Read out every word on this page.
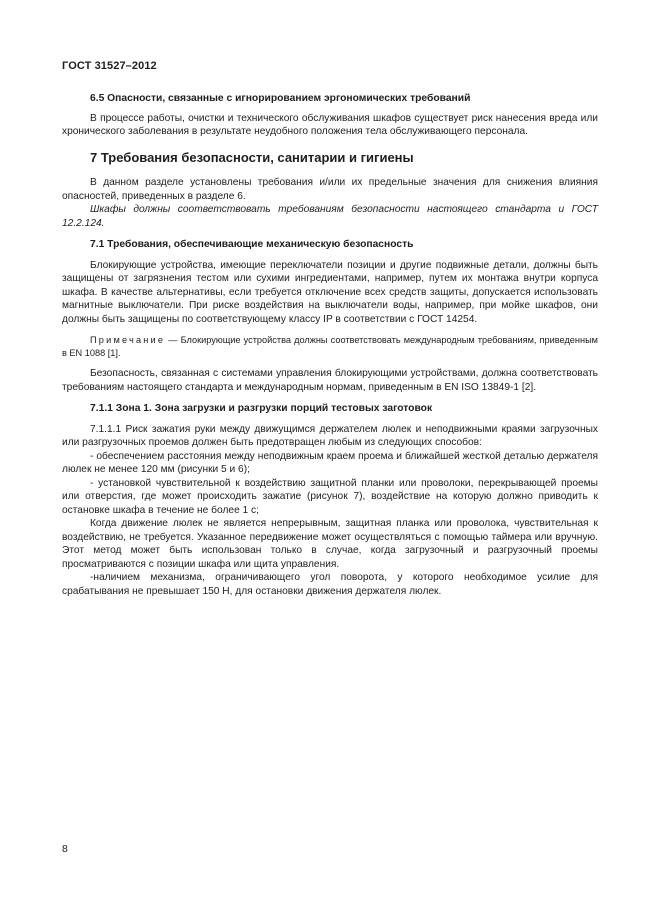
ГОСТ 31527–2012
6.5 Опасности, связанные с игнорированием эргономических требований

В процессе работы, очистки и технического обслуживания шкафов существует риск нанесения вреда или хронического заболевания в результате неудобного положения тела обслуживающего персонала.

7 Требования безопасности, санитарии и гигиены

В данном разделе установлены требования и/или их предельные значения для снижения влияния опасностей, приведенных в разделе 6.

Шкафы должны соответствовать требованиям безопасности настоящего стандарта и ГОСТ 12.2.124.

7.1 Требования, обеспечивающие механическую безопасность

Блокирующие устройства, имеющие переключатели позиции и другие подвижные детали, должны быть защищены от загрязнения тестом или сухими ингредиентами, например, путем их монтажа внутри корпуса шкафа. В качестве альтернативы, если требуется отключение всех средств защиты, допускается использовать магнитные выключатели. При риске воздействия на выключатели воды, например, при мойке шкафов, они должны быть защищены по соответствующему классу IP в соответствии с ГОСТ 14254.

Примечание — Блокирующие устройства должны соответствовать международным требованиям, приведенным в EN 1088 [1].

Безопасность, связанная с системами управления блокирующими устройствами, должна соответствовать требованиям настоящего стандарта и международным нормам, приведенным в EN ISO 13849-1 [2].

7.1.1 Зона 1. Зона загрузки и разгрузки порций тестовых заготовок

7.1.1.1 Риск зажатия руки между движущимся держателем люлек и неподвижными краями загрузочных или разгрузочных проемов должен быть предотвращен любым из следующих способов:

- обеспечением расстояния между неподвижным краем проема и ближайшей жесткой деталью держателя люлек не менее 120 мм (рисунки 5 и 6);

- установкой чувствительной к воздействию защитной планки или проволоки, перекрывающей проемы или отверстия, где может происходить зажатие (рисунок 7), воздействие на которую должно приводить к остановке шкафа в течение не более 1 с;

Когда движение люлек не является непрерывным, защитная планка или проволока, чувствительная к воздействию, не требуется. Указанное передвижение может осуществляться с помощью таймера или вручную. Этот метод может быть использован только в случае, когда загрузочный и разгрузочный проемы просматриваются с позиции шкафа или щита управления.

-наличием механизма, ограничивающего угол поворота, у которого необходимое усилие для срабатывания не превышает 150 Н, для остановки движения держателя люлек.

8
